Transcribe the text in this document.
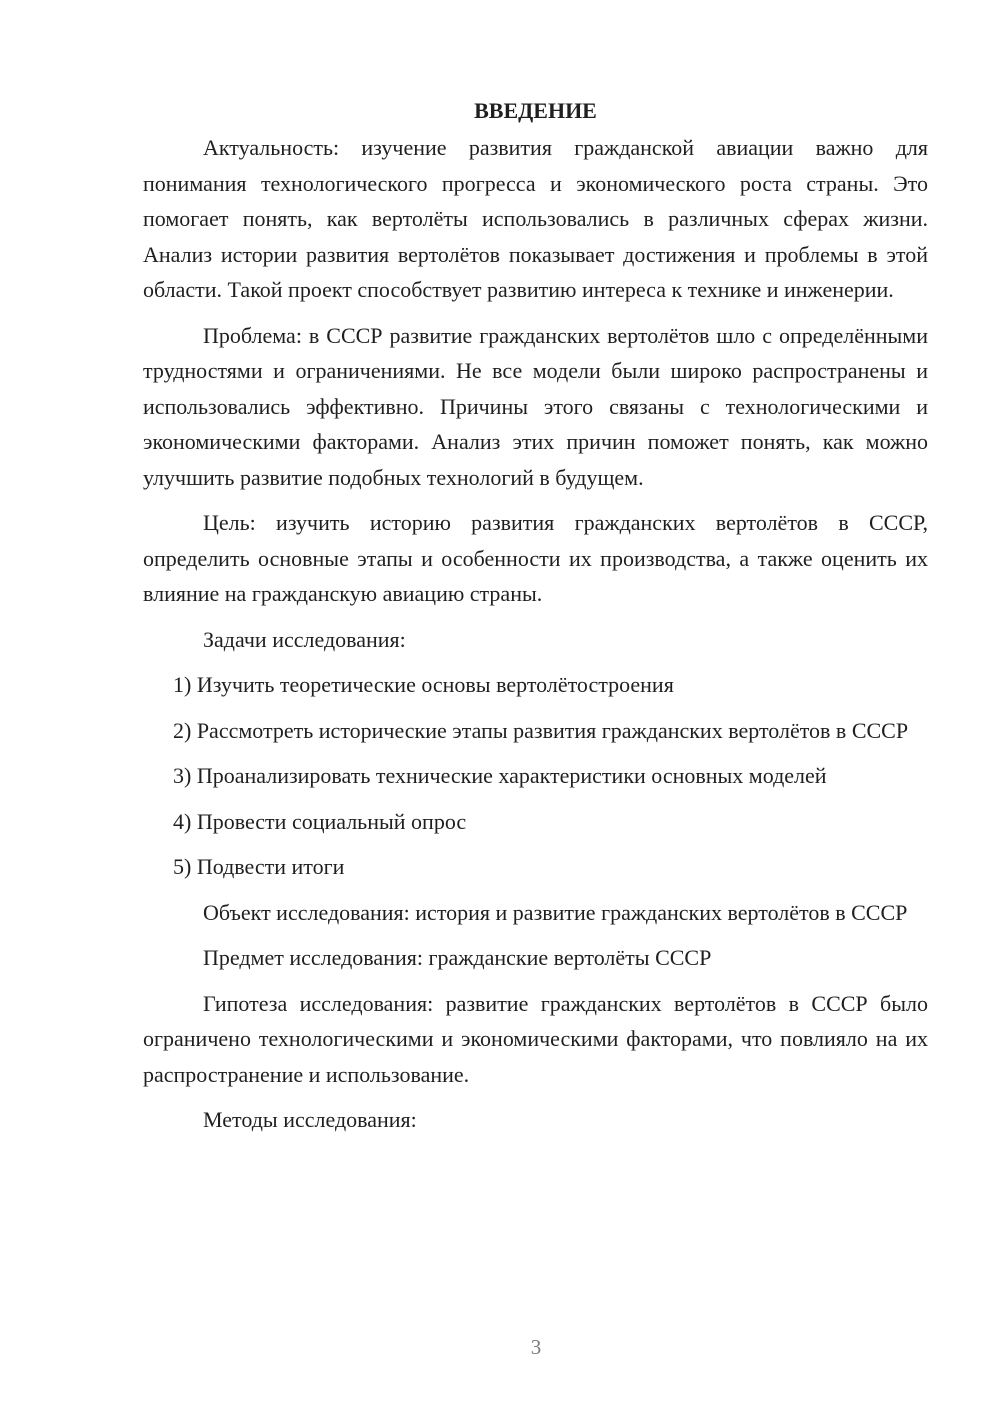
ВВЕДЕНИЕ

Актуальность: изучение развития гражданской авиации важно для понимания технологического прогресса и экономического роста страны. Это помогает понять, как вертолёты использовались в различных сферах жизни. Анализ истории развития вертолётов показывает достижения и проблемы в этой области. Такой проект способствует развитию интереса к технике и инженерии.

Проблема: в СССР развитие гражданских вертолётов шло с определёнными трудностями и ограничениями. Не все модели были широко распространены и использовались эффективно. Причины этого связаны с технологическими и экономическими факторами. Анализ этих причин поможет понять, как можно улучшить развитие подобных технологий в будущем.

Цель: изучить историю развития гражданских вертолётов в СССР, определить основные этапы и особенности их производства, а также оценить их влияние на гражданскую авиацию страны.

Задачи исследования:

1) Изучить теоретические основы вертолётостроения

2) Рассмотреть исторические этапы развития гражданских вертолётов в СССР

3) Проанализировать технические характеристики основных моделей

4) Провести социальный опрос

5) Подвести итоги

Объект исследования: история и развитие гражданских вертолётов в СССР

Предмет исследования: гражданские вертолёты СССР

Гипотеза исследования: развитие гражданских вертолётов в СССР было ограничено технологическими и экономическими факторами, что повлияло на их распространение и использование.

Методы исследования:

3
